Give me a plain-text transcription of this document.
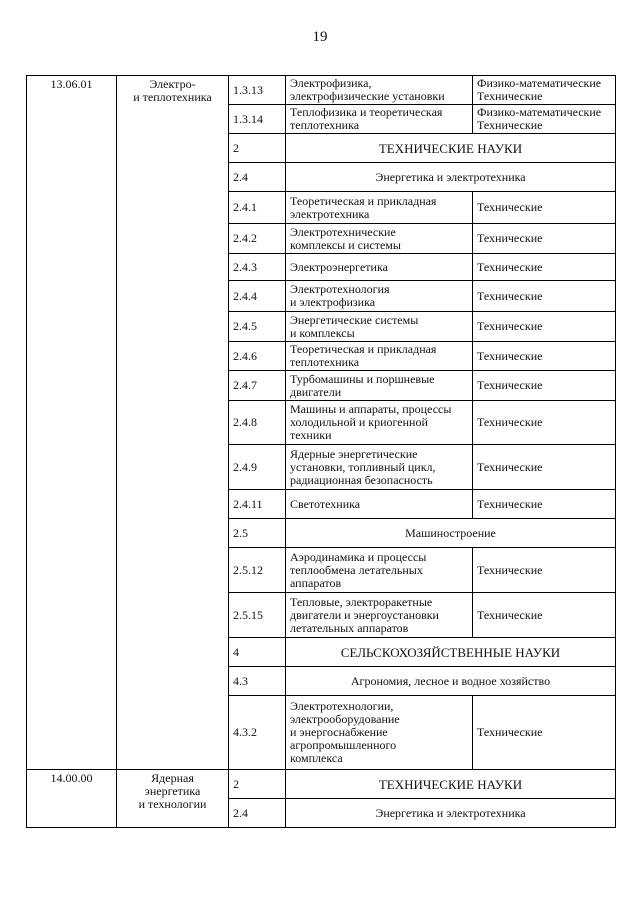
19
13.06.01	Электро-
и теплотехника	1.3.13	Электрофизика,
электрофизические установки	Физико-математические
Технические
		1.3.14	Теплофизика и теоретическая
теплотехника	Физико-математические
Технические
		2	ТЕХНИЧЕСКИЕ НАУКИ	
		2.4	Энергетика и электротехника	
		2.4.1	Теоретическая и прикладная
электротехника	Технические
		2.4.2	Электротехнические
комплексы и системы	Технические
		2.4.3	Электроэнергетика	Технические
		2.4.4	Электротехнология
и электрофизика	Технические
		2.4.5	Энергетические системы
и комплексы	Технические
		2.4.6	Теоретическая и прикладная
теплотехника	Технические
		2.4.7	Турбомашины и поршневые
двигатели	Технические
		2.4.8	Машины и аппараты, процессы
холодильной и криогенной
техники	Технические
		2.4.9	Ядерные энергетические
установки, топливный цикл,
радиационная безопасность	Технические
		2.4.11	Светотехника	Технические
		2.5	Машиностроение	
		2.5.12	Аэродинамика и процессы
теплообмена летательных
аппаратов	Технические
		2.5.15	Тепловые, электроракетные
двигатели и энергоустановки
летательных аппаратов	Технические
		4	СЕЛЬСКОХОЗЯЙСТВЕННЫЕ НАУКИ	
		4.3	Агрономия, лесное и водное хозяйство	
		4.3.2	Электротехнологии,
электрооборудование
и энергоснабжение
агропромышленного
комплекса	Технические
14.00.00	Ядерная
энергетика
и технологии	2	ТЕХНИЧЕСКИЕ НАУКИ	
		2.4	Энергетика и электротехника	
